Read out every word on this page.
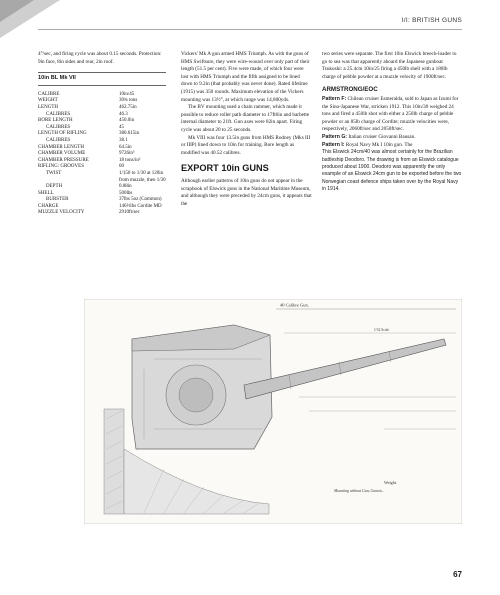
I/I: BRITISH GUNS

4°/sec, and firing cycle was about 0.15 seconds. Protection: 9in face, 8in sides and rear, 2in roof.

10in BL Mk VII
CALIBRE	10in/45
WEIGHT	30¾ tons
LENGTH	462.75in
CALIBRES	46.3
BORE LENGTH	450.0in
CALIBRES	45
LENGTH OF RIFLING	380.615in
CALIBRES	38.1
CHAMBER LENGTH	64.5in
CHAMBER VOLUME	9726in³
CHAMBER PRESSURE	18 tons/in²
RIFLING: GROOVES	60
TWIST	1/150 to 1/30 at 120in from muzzle, then 1/30
DEPTH	0.08in
SHELL	500lbs
BURSTER	37lbs 5oz (Common)
CHARGE	146½lbs Cordite MD
MUZZLE VELOCITY	2910ft/sec

Vickers' Mk A gun armed HMS Triumph. As with the guns of HMS Swiftsure, they were wire-wound over only part of their length (51.5 per cent). Five were made, of which four were lost with HMS Triumph and the fifth assigned to be lined down to 9.2in (that probably was never done). Rated lifetime (1915) was 350 rounds. Maximum elevation of the Vickers mounting was 13½°, at which range was 14,800yds.

The BV mounting used a chain rammer, which made it possible to reduce roller path diameter to 17ft6in and barbette internal diameter to 21ft. Gun axes were 82in apart. Firing cycle was about 20 to 25 seconds.

Mk VIII was four 13.5in guns from HMS Rodney (Mks III or IIIP) lined down to 10in for training. Bore length as modified was 40.52 calibres.

EXPORT 10in GUNS

Although earlier patterns of 10in guns do not appear in the scrapbook of Elswick guns in the National Maritime Museum, and although they were preceded by 24cm guns, it appears that the

two series were separate. The first 10in Elswick breech-loader to go to sea was that apparently aboard the Japanese gunboat Tsukushi: a 25.4cm 10in/25 firing a 450lb shell with a 180lb charge of pebble powder at a muzzle velocity of 1900ft/sec.

ARMSTRONG/EOC

Pattern F: Chilean cruiser Esmeralda, sold to Japan as Izumi for the Sino-Japanese War, stricken 1912. This 10in/30 weighed 24 tons and fired a 450lb shot with either a 250lb charge of pebble powder or an 85lb charge of Cordite; muzzle velocities were, respectively, 2060ft/sec and 2050ft/sec.

Pattern G: Italian cruiser Giovanni Bausan.

Pattern I: Royal Navy Mk I 10in gun. The

This Elswick 24cm/40 was almost certainly for the Brazilian battleship Deodoro. The drawing is from an Elswick catalogue produced about 1900. Deodoro was apparently the only example of an Elswick 24cm gun to be exported before the two Norwegian coast defence ships taken over by the Royal Navy in 1914.

40 Calibre Gun.
1/32 Scale
Weight.
Mounting without Gun, Gunsin...
67
